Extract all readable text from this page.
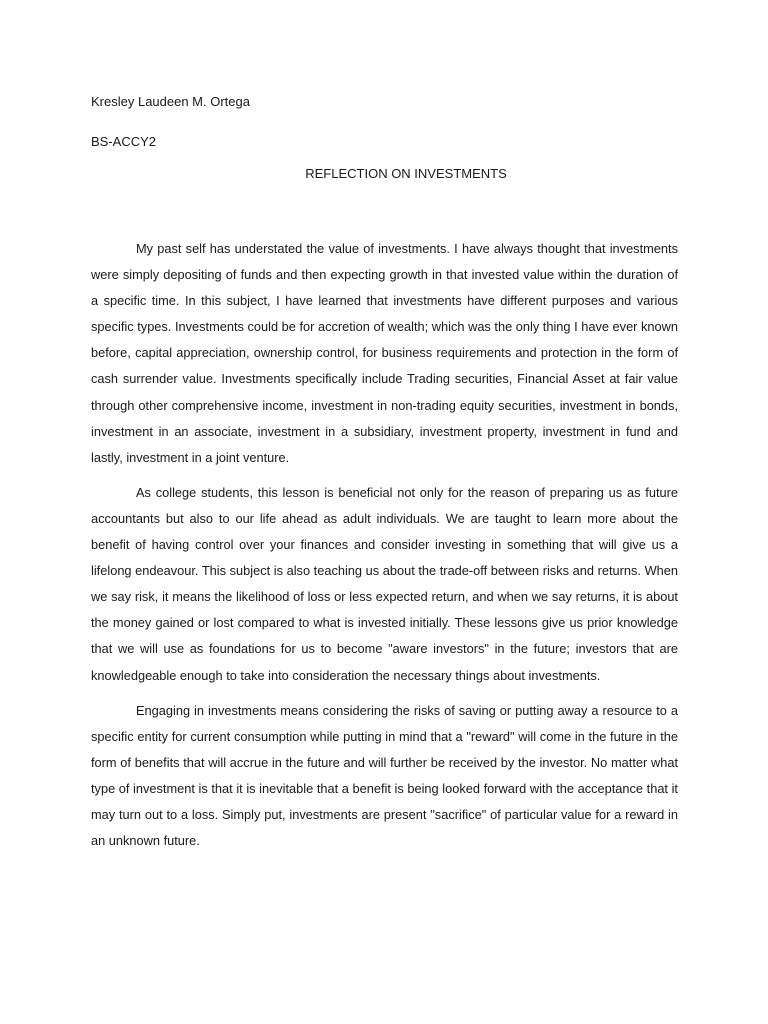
Kresley Laudeen M. Ortega
BS-ACCY2
REFLECTION ON INVESTMENTS

My past self has understated the value of investments. I have always thought that investments were simply depositing of funds and then expecting growth in that invested value within the duration of a specific time. In this subject, I have learned that investments have different purposes and various specific types. Investments could be for accretion of wealth; which was the only thing I have ever known before, capital appreciation, ownership control, for business requirements and protection in the form of cash surrender value. Investments specifically include Trading securities, Financial Asset at fair value through other comprehensive income, investment in non-trading equity securities, investment in bonds, investment in an associate, investment in a subsidiary, investment property, investment in fund and lastly, investment in a joint venture.

As college students, this lesson is beneficial not only for the reason of preparing us as future accountants but also to our life ahead as adult individuals. We are taught to learn more about the benefit of having control over your finances and consider investing in something that will give us a lifelong endeavour. This subject is also teaching us about the trade-off between risks and returns. When we say risk, it means the likelihood of loss or less expected return, and when we say returns, it is about the money gained or lost compared to what is invested initially. These lessons give us prior knowledge that we will use as foundations for us to become "aware investors" in the future; investors that are knowledgeable enough to take into consideration the necessary things about investments.

Engaging in investments means considering the risks of saving or putting away a resource to a specific entity for current consumption while putting in mind that a "reward" will come in the future in the form of benefits that will accrue in the future and will further be received by the investor. No matter what type of investment is that it is inevitable that a benefit is being looked forward with the acceptance that it may turn out to a loss. Simply put, investments are present "sacrifice" of particular value for a reward in an unknown future.
